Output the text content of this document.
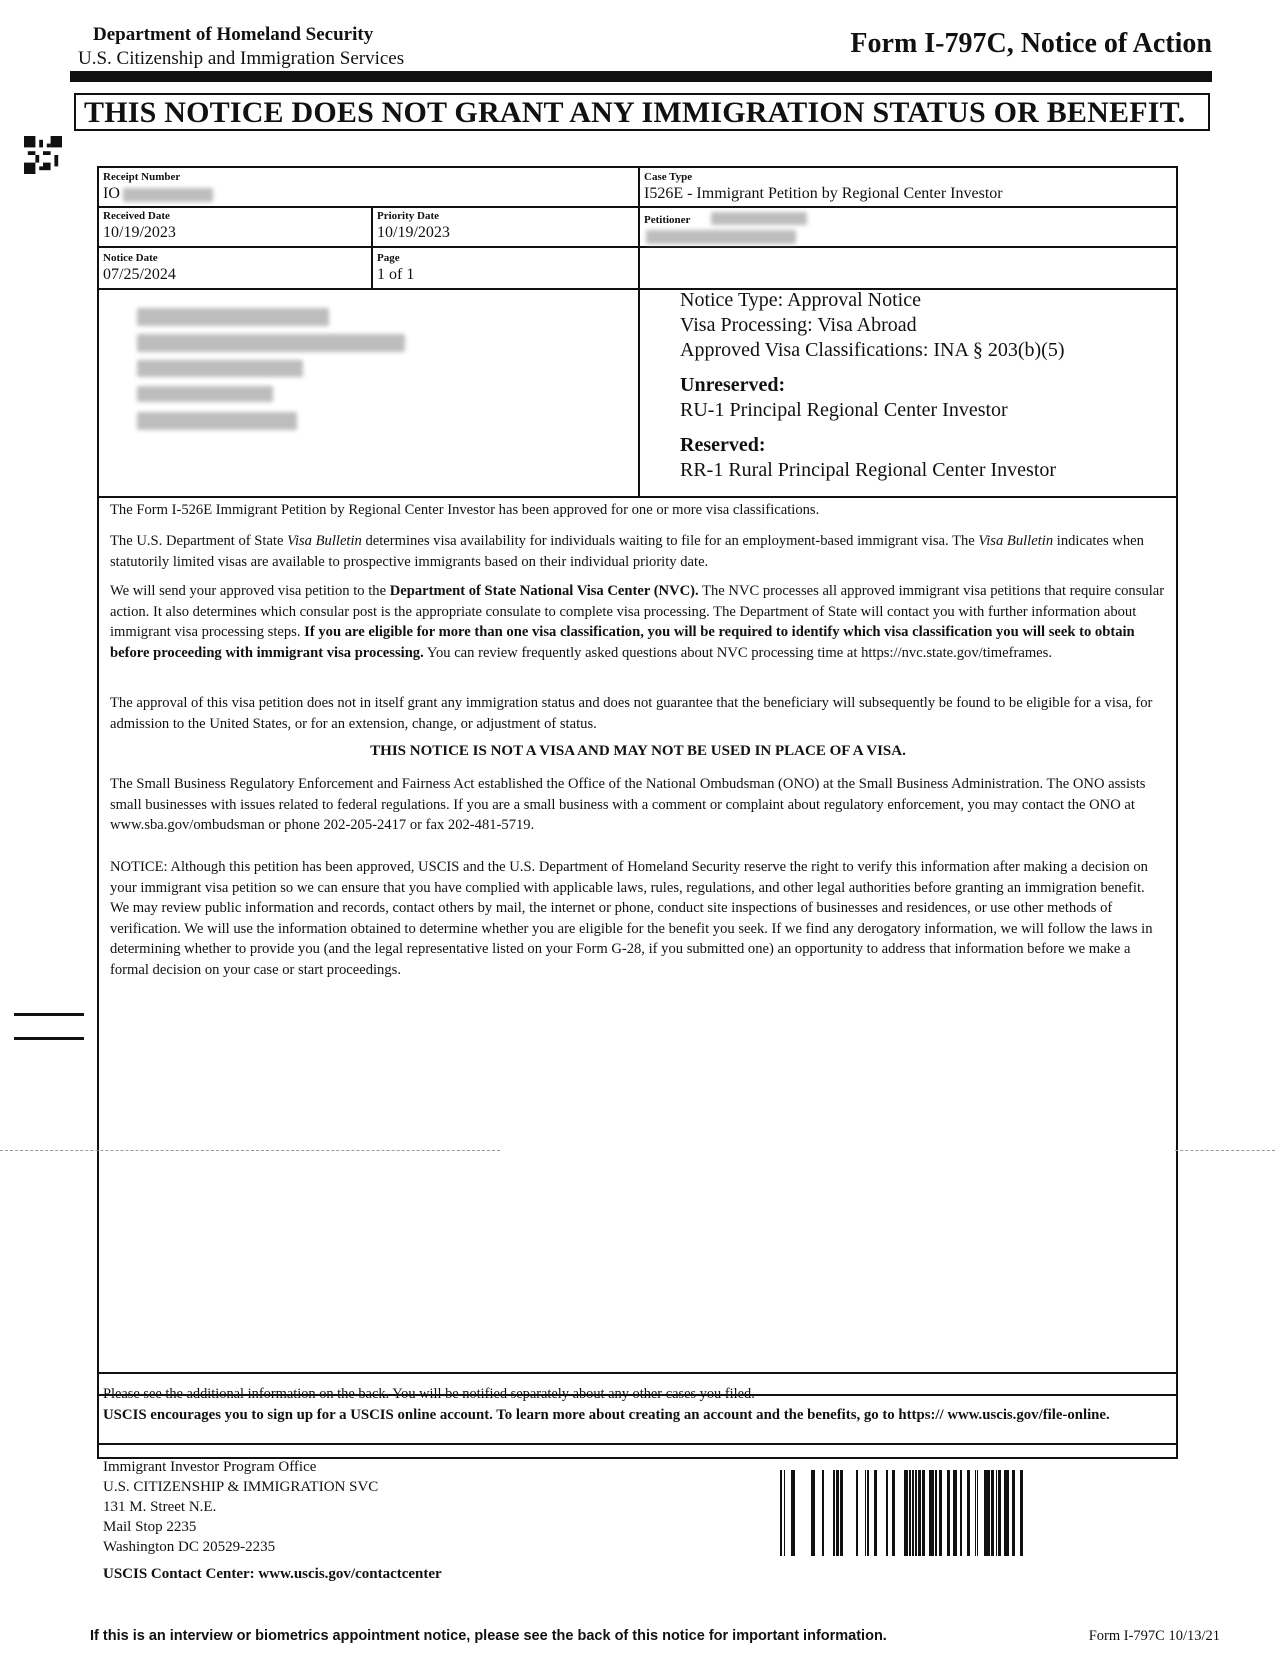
Department of Homeland Security
U.S. Citizenship and Immigration Services	Form I-797C, Notice of Action
THIS NOTICE DOES NOT GRANT ANY IMMIGRATION STATUS OR BENEFIT.
Receipt Number
IO
Case Type
I526E - Immigrant Petition by Regional Center Investor
Received Date
10/19/2023
Priority Date
10/19/2023
Petitioner
Notice Date
07/25/2024
Page
1 of 1
Notice Type: Approval Notice
Visa Processing: Visa Abroad
Approved Visa Classifications: INA § 203(b)(5)
Unreserved:
RU-1 Principal Regional Center Investor
Reserved:
RR-1 Rural Principal Regional Center Investor

The Form I-526E Immigrant Petition by Regional Center Investor has been approved for one or more visa classifications.

The U.S. Department of State Visa Bulletin determines visa availability for individuals waiting to file for an employment-based immigrant visa. The Visa Bulletin indicates when statutorily limited visas are available to prospective immigrants based on their individual priority date.

We will send your approved visa petition to the Department of State National Visa Center (NVC). The NVC processes all approved immigrant visa petitions that require consular action. It also determines which consular post is the appropriate consulate to complete visa processing. The Department of State will contact you with further information about immigrant visa processing steps. If you are eligible for more than one visa classification, you will be required to identify which visa classification you will seek to obtain before proceeding with immigrant visa processing. You can review frequently asked questions about NVC processing time at https://nvc.state.gov/timeframes.

The approval of this visa petition does not in itself grant any immigration status and does not guarantee that the beneficiary will subsequently be found to be eligible for a visa, for admission to the United States, or for an extension, change, or adjustment of status.

THIS NOTICE IS NOT A VISA AND MAY NOT BE USED IN PLACE OF A VISA.

The Small Business Regulatory Enforcement and Fairness Act established the Office of the National Ombudsman (ONO) at the Small Business Administration. The ONO assists small businesses with issues related to federal regulations. If you are a small business with a comment or complaint about regulatory enforcement, you may contact the ONO at www.sba.gov/ombudsman or phone 202-205-2417 or fax 202-481-5719.

NOTICE: Although this petition has been approved, USCIS and the U.S. Department of Homeland Security reserve the right to verify this information after making a decision on your immigrant visa petition so we can ensure that you have complied with applicable laws, rules, regulations, and other legal authorities before granting an immigration benefit. We may review public information and records, contact others by mail, the internet or phone, conduct site inspections of businesses and residences, or use other methods of verification. We will use the information obtained to determine whether you are eligible for the benefit you seek. If we find any derogatory information, we will follow the laws in determining whether to provide you (and the legal representative listed on your Form G-28, if you submitted one) an opportunity to address that information before we make a formal decision on your case or start proceedings.

Please see the additional information on the back. You will be notified separately about any other cases you filed.
USCIS encourages you to sign up for a USCIS online account. To learn more about creating an account and the benefits, go to https:// www.uscis.gov/file-online.
Immigrant Investor Program Office
U.S. CITIZENSHIP & IMMIGRATION SVC
131 M. Street N.E.
Mail Stop 2235
Washington DC 20529-2235
USCIS Contact Center: www.uscis.gov/contactcenter
If this is an interview or biometrics appointment notice, please see the back of this notice for important information.	Form I-797C 10/13/21
